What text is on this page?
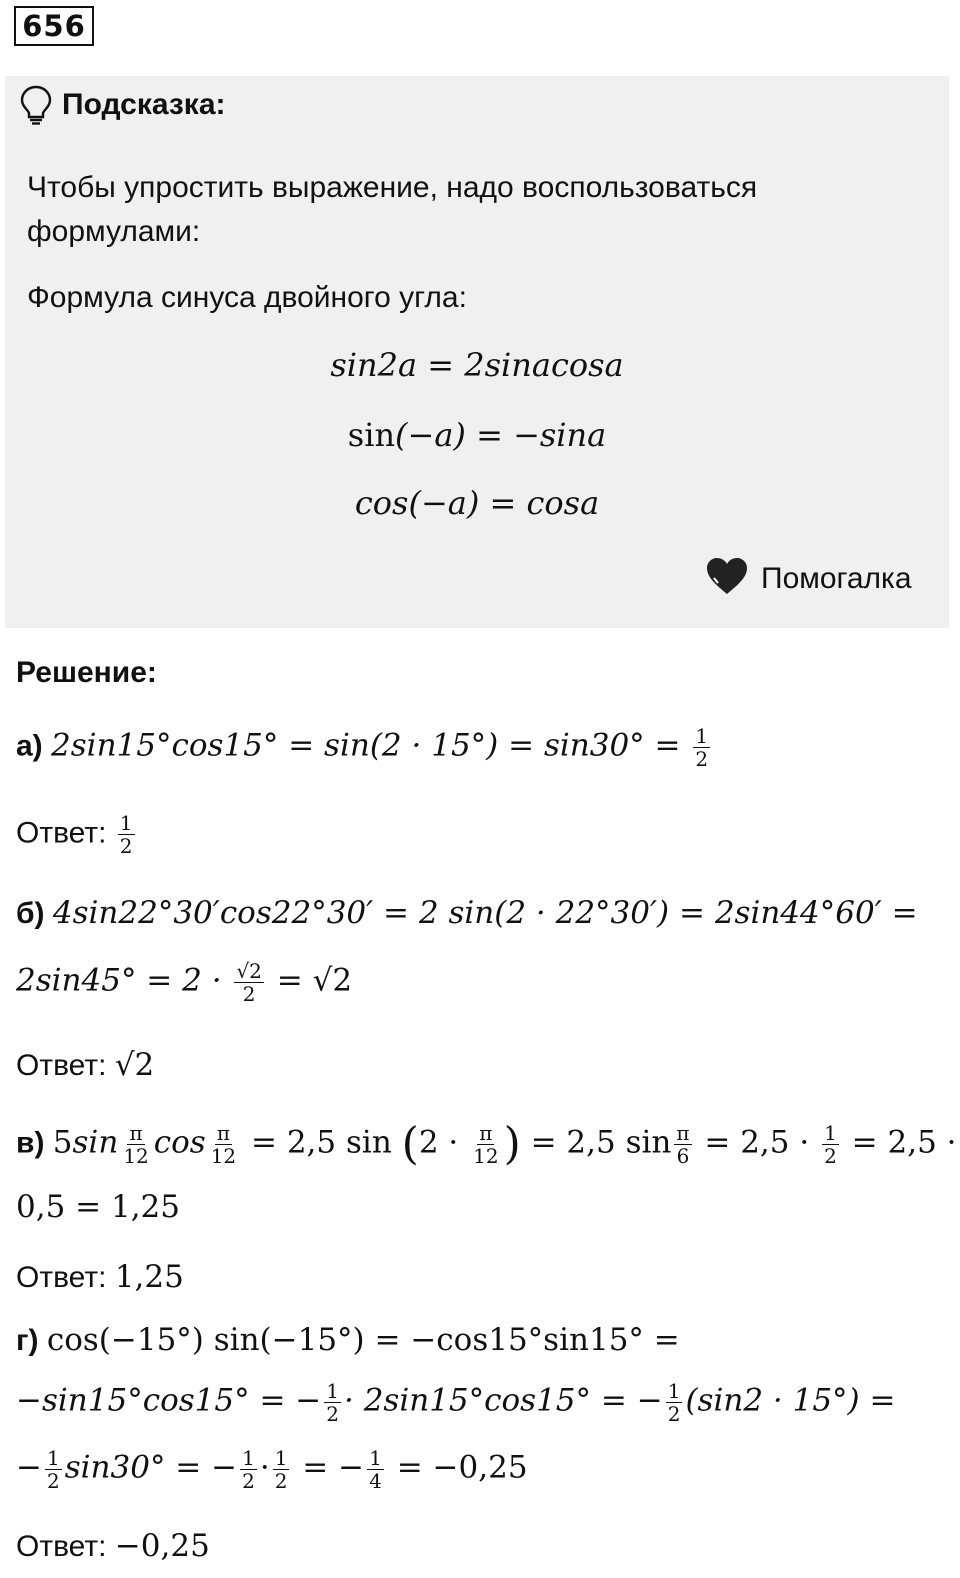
656
Подсказка:
Чтобы упростить выражение, надо воспользоваться формулами:
Формула синуса двойного угла:
sin2a = 2sinacosa
sin(−a) = −sina
cos(−a) = cosa
Помогалка
Решение:
а) $2\sin 15^\circ\cos 15^\circ = \sin(2 \cdot 15^\circ) = \sin 30^\circ = \frac{1}{2}$
Ответ: $\frac{1}{2}$
б) 4sin22°30′cos22°30′ = 2 sin(2 · 22°30′) = 2sin44°60′ =
$2\sin 45^\circ = 2 \cdot \frac{√2}{2} = √2$
Ответ: √2
в) $5\sin \frac{\pi}{12}$ $\cos \frac{\pi}{12} = 2,5$ $\sin (2 \cdot \frac{\pi}{12}$ ) = 2,5 $\sin \frac{\pi}{6} = 2,5 \cdot \frac{1}{2} = 2,5$ ·
0,5 = 1,25
Ответ: 1,25
г) cos(−15°) sin(−15°) = −cos15°sin15° =
−sin15°cos15° = − $\frac{1}{2} \cdot 2\sin 15^\circ\cos 15^\circ$ = − $\frac{1}{2} (\sin 2 \cdot 15^\circ)$ =
− $\frac{1}{2} \sin 30^\circ$ = − $\frac{1}{2} \cdot \frac{1}{2}$ = − $\frac{1}{4} = -0,25$
Ответ: −0,25
